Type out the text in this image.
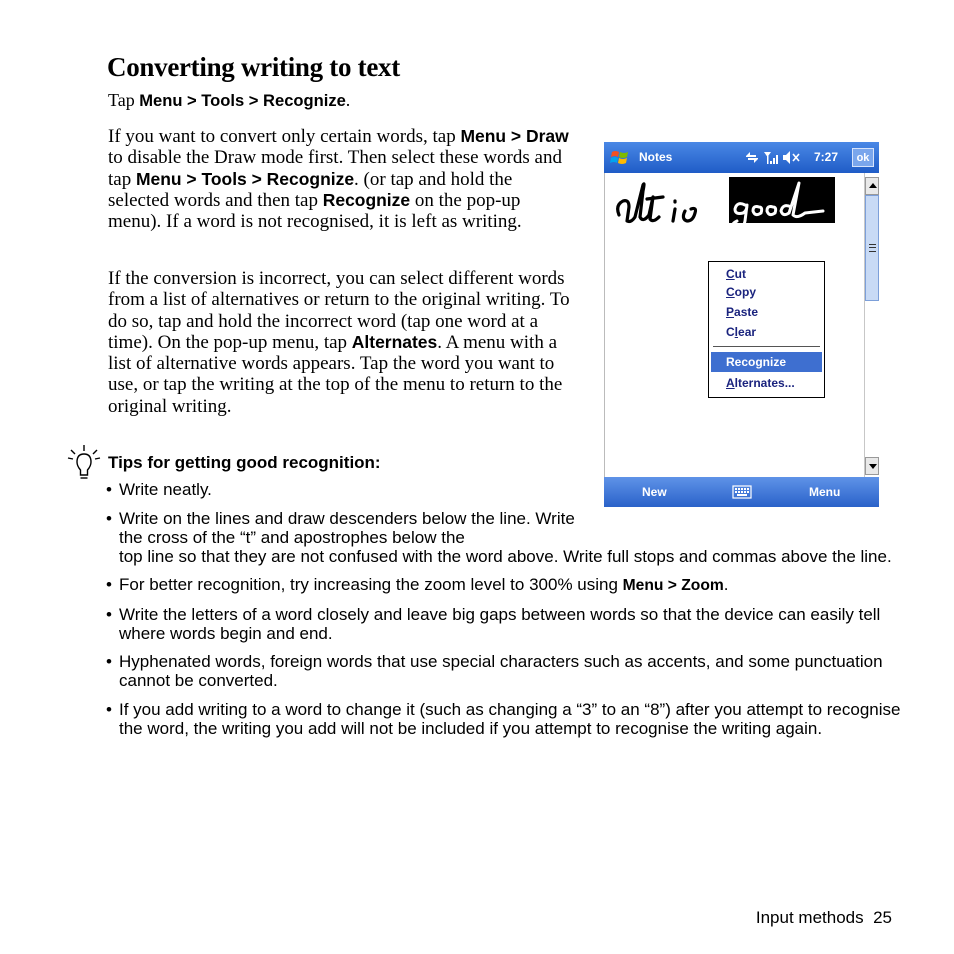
Converting writing to text

Tap Menu > Tools > Recognize.

If you want to convert only certain words, tap Menu > Draw to disable the Draw mode first. Then select these words and tap Menu > Tools > Recognize. (or tap and hold the selected words and then tap Recognize on the pop-up menu). If a word is not recognised, it is left as writing.

If the conversion is incorrect, you can select different words from a list of alternatives or return to the original writing. To do so, tap and hold the incorrect word (tap one word at a time). On the pop-up menu, tap Alternates. A menu with a list of alternative words appears. Tap the word you want to use, or tap the writing at the top of the menu to return to the original writing.

Tips for getting good recognition:

• Write neatly.
• Write on the lines and draw descenders below the line. Write the cross of the “t” and apostrophes below the
top line so that they are not confused with the word above. Write full stops and commas above the line.
• For better recognition, try increasing the zoom level to 300% using Menu > Zoom.
• Write the letters of a word closely and leave big gaps between words so that the device can easily tell where words begin and end.
• Hyphenated words, foreign words that use special characters such as accents, and some punctuation cannot be converted.
• If you add writing to a word to change it (such as changing a “3” to an “8”) after you attempt to recognise the word, the writing you add will not be included if you attempt to recognise the writing again.
Input methods 25
Notes	7:27	ok
Cut
Copy
Paste
Clear
Recognize
Alternates...
New	Menu
